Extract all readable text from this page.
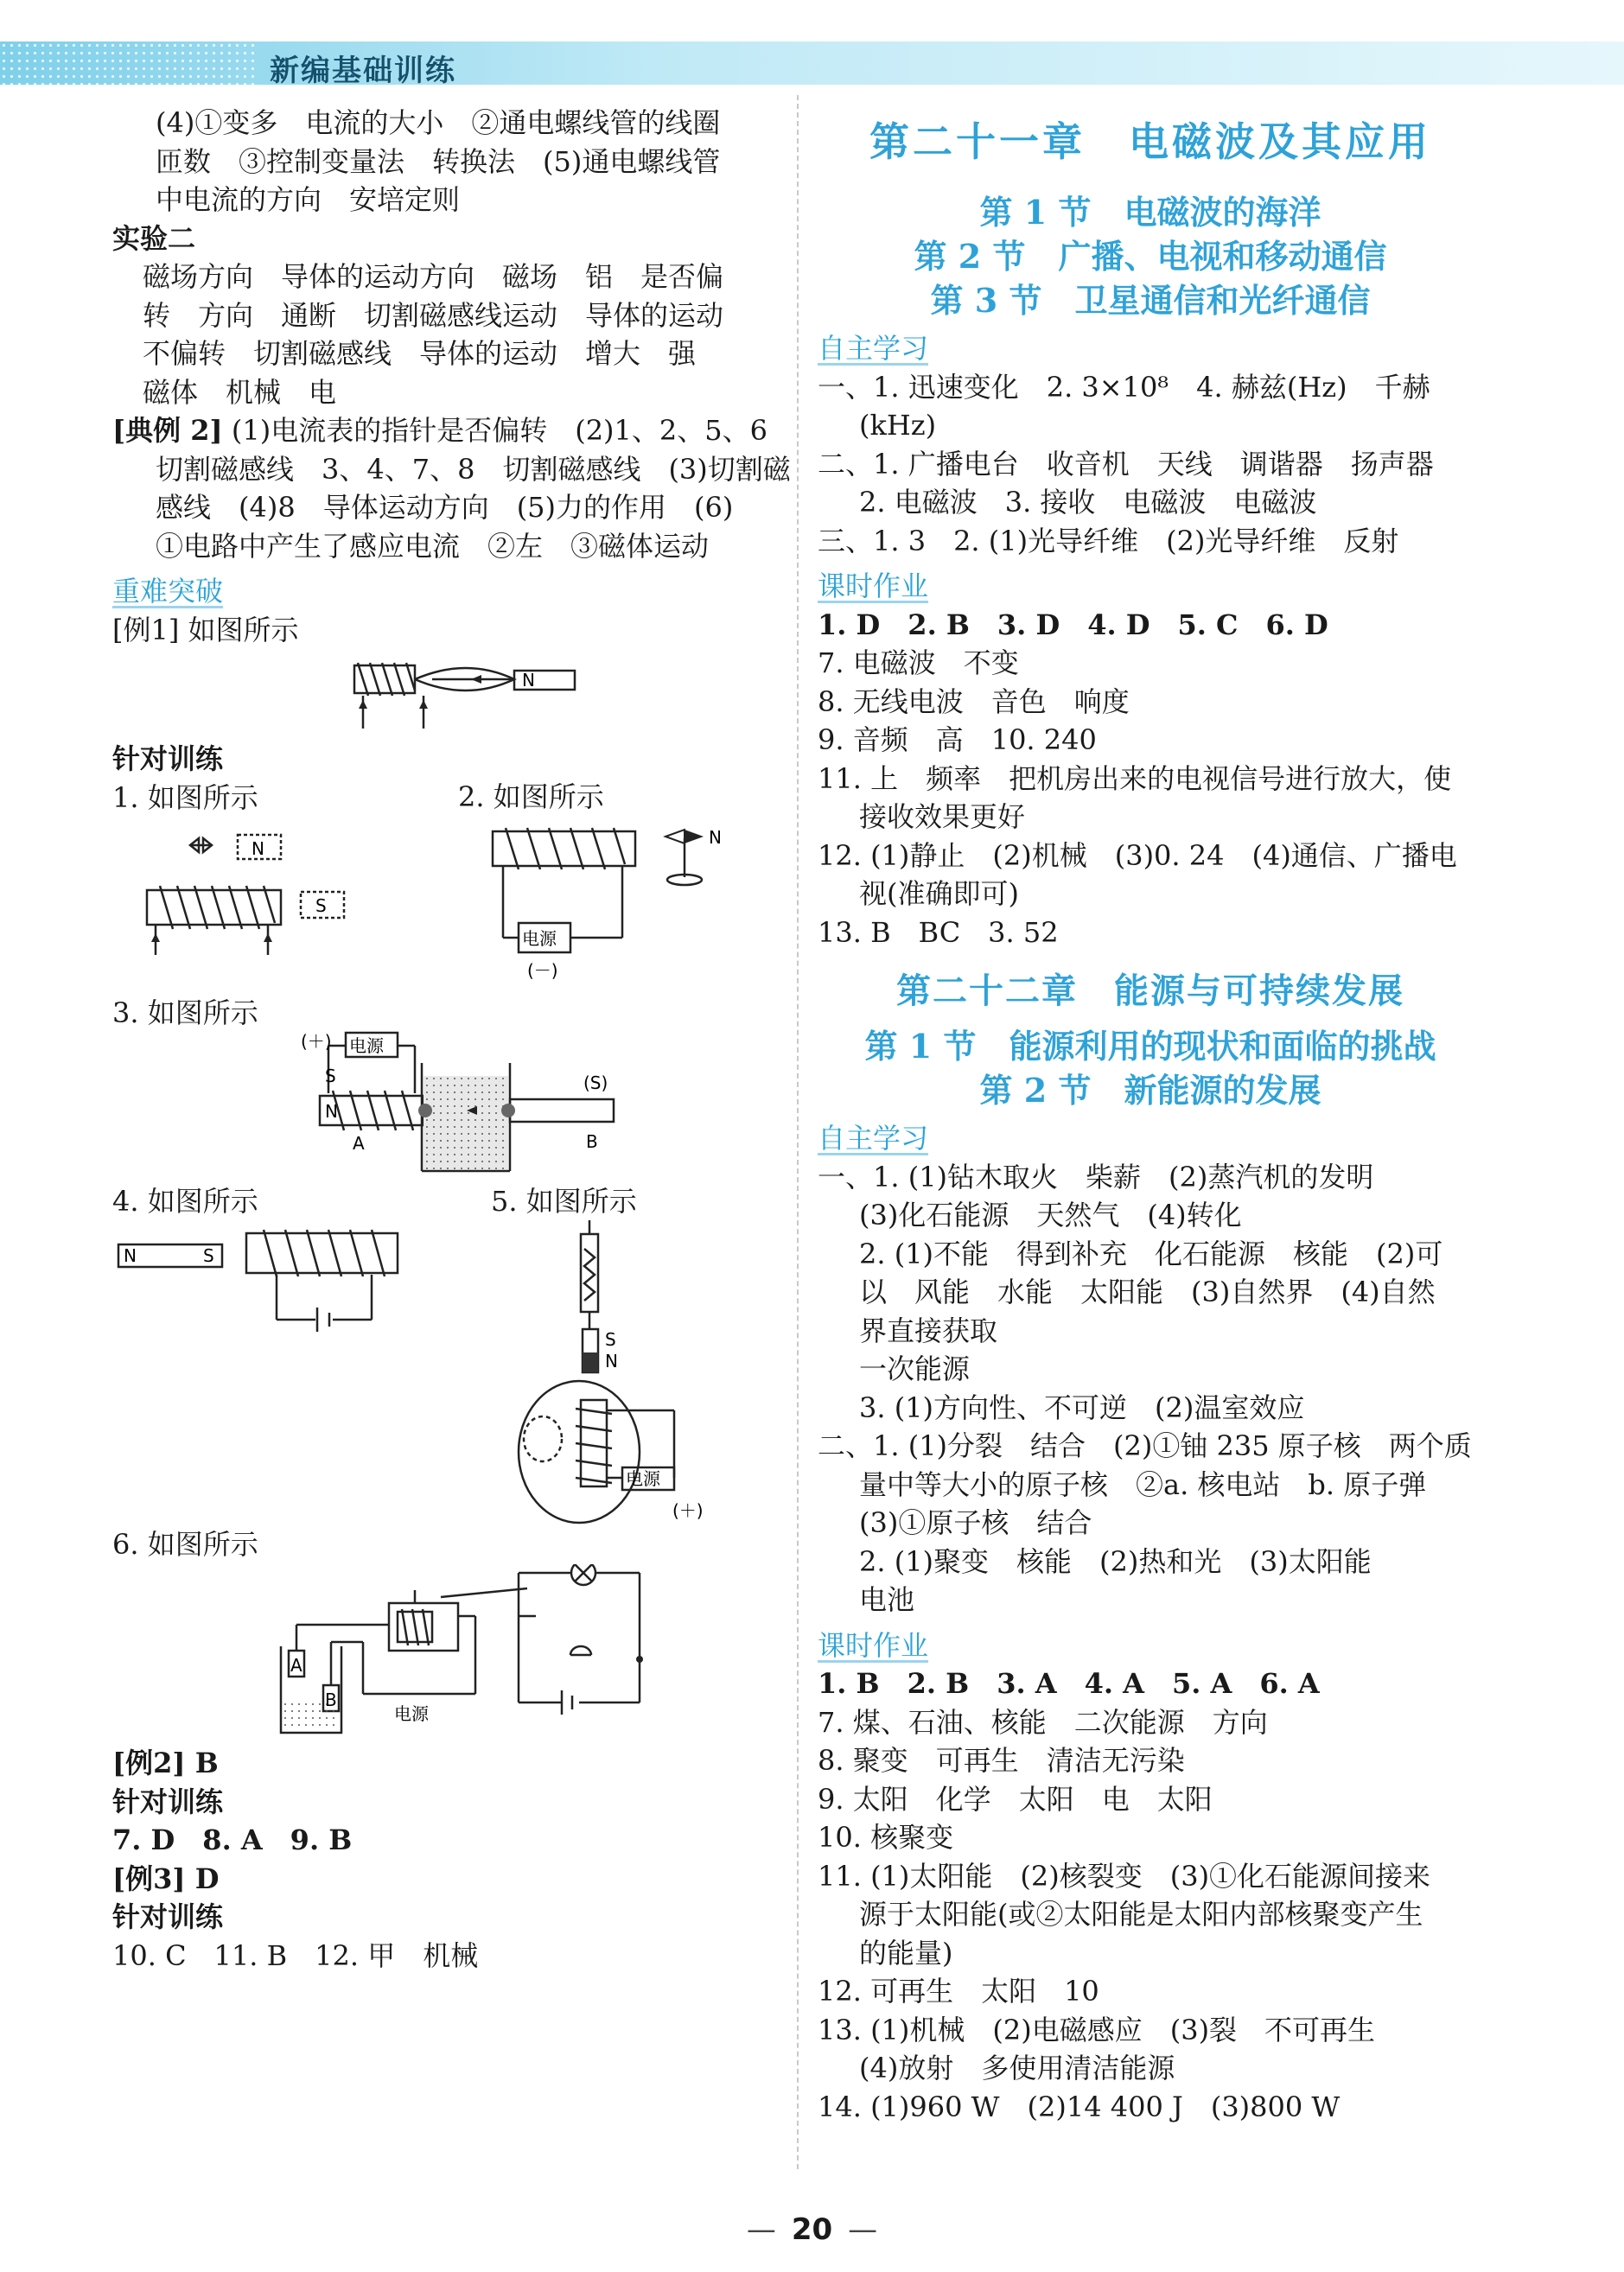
新编基础训练
(4)①变多　电流的大小　②通电螺线管的线圈
匝数　③控制变量法　转换法　(5)通电螺线管
中电流的方向　安培定则
实验二
磁场方向　导体的运动方向　磁场　铝　是否偏
转　方向　通断　切割磁感线运动　导体的运动
不偏转　切割磁感线　导体的运动　增大　强
磁体　机械　电
[典例 2] (1)电流表的指针是否偏转　(2)1、2、5、6
切割磁感线　3、4、7、8　切割磁感线　(3)切割磁
感线　(4)8　导体运动方向　(5)力的作用　(6)
①电路中产生了感应电流　②左　③磁体运动
重难突破
[例1] 如图所示
N
针对训练
1. 如图所示	2. 如图所示
N
S
N
电源
(－)
3. 如图所示
(＋) 电源
S
N
(S)
A	B
4. 如图所示	5. 如图所示
N	S
S
N
电源
(＋)
6. 如图所示
A
B
电源
[例2] B
针对训练
7. D　8. A　9. B
[例3] D
针对训练
10. C　11. B　12. 甲　机械
第二十一章　电磁波及其应用
第 1 节　电磁波的海洋
第 2 节　广播、电视和移动通信
第 3 节　卫星通信和光纤通信
自主学习
一、1. 迅速变化　2. 3×10⁸　4. 赫兹(Hz)　千赫
(kHz)
二、1. 广播电台　收音机　天线　调谐器　扬声器
2. 电磁波　3. 接收　电磁波　电磁波
三、1. 3　2. (1)光导纤维　(2)光导纤维　反射
课时作业
1. D　2. B　3. D　4. D　5. C　6. D
7. 电磁波　不变
8. 无线电波　音色　响度
9. 音频　高　10. 240
11. 上　频率　把机房出来的电视信号进行放大，使
接收效果更好
12. (1)静止　(2)机械　(3)0. 24　(4)通信、广播电
视(准确即可)
13. B　BC　3. 52
第二十二章　能源与可持续发展
第 1 节　能源利用的现状和面临的挑战
第 2 节　新能源的发展
自主学习
一、1. (1)钻木取火　柴薪　(2)蒸汽机的发明
(3)化石能源　天然气　(4)转化
2. (1)不能　得到补充　化石能源　核能　(2)可
以　风能　水能　太阳能　(3)自然界　(4)自然
界直接获取
一次能源
3. (1)方向性、不可逆　(2)温室效应
二、1. (1)分裂　结合　(2)①铀 235 原子核　两个质
量中等大小的原子核　②a. 核电站　b. 原子弹
(3)①原子核　结合
2. (1)聚变　核能　(2)热和光　(3)太阳能
电池
课时作业
1. B　2. B　3. A　4. A　5. A　6. A
7. 煤、石油、核能　二次能源　方向
8. 聚变　可再生　清洁无污染
9. 太阳　化学　太阳　电　太阳
10. 核聚变
11. (1)太阳能　(2)核裂变　(3)①化石能源间接来
源于太阳能(或②太阳能是太阳内部核聚变产生
的能量)
12. 可再生　太阳　10
13. (1)机械　(2)电磁感应　(3)裂　不可再生
(4)放射　多使用清洁能源
14. (1)960 W　(2)14 400 J　(3)800 W
— 20 —
